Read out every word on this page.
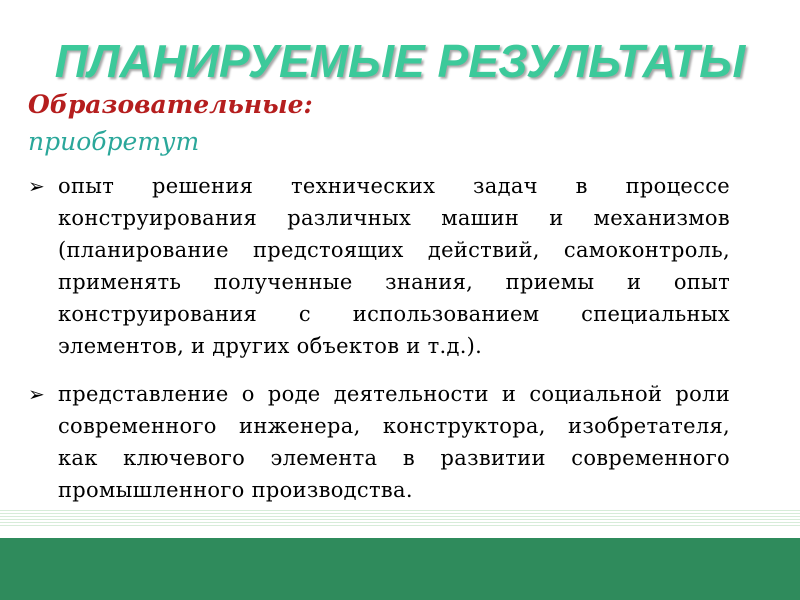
ПЛАНИРУЕМЫЕ РЕЗУЛЬТАТЫ
Образовательные:
приобретут
➢ опыт решения технических задач в процессе конструирования различных машин и механизмов (планирование предстоящих действий, самоконтроль, применять полученные знания, приемы и опыт конструирования с использованием специальных элементов, и других объектов и т.д.).
➢ представление о роде деятельности и социальной роли современного инженера, конструктора, изобретателя, как ключевого элемента в развитии современного промышленного производства.
